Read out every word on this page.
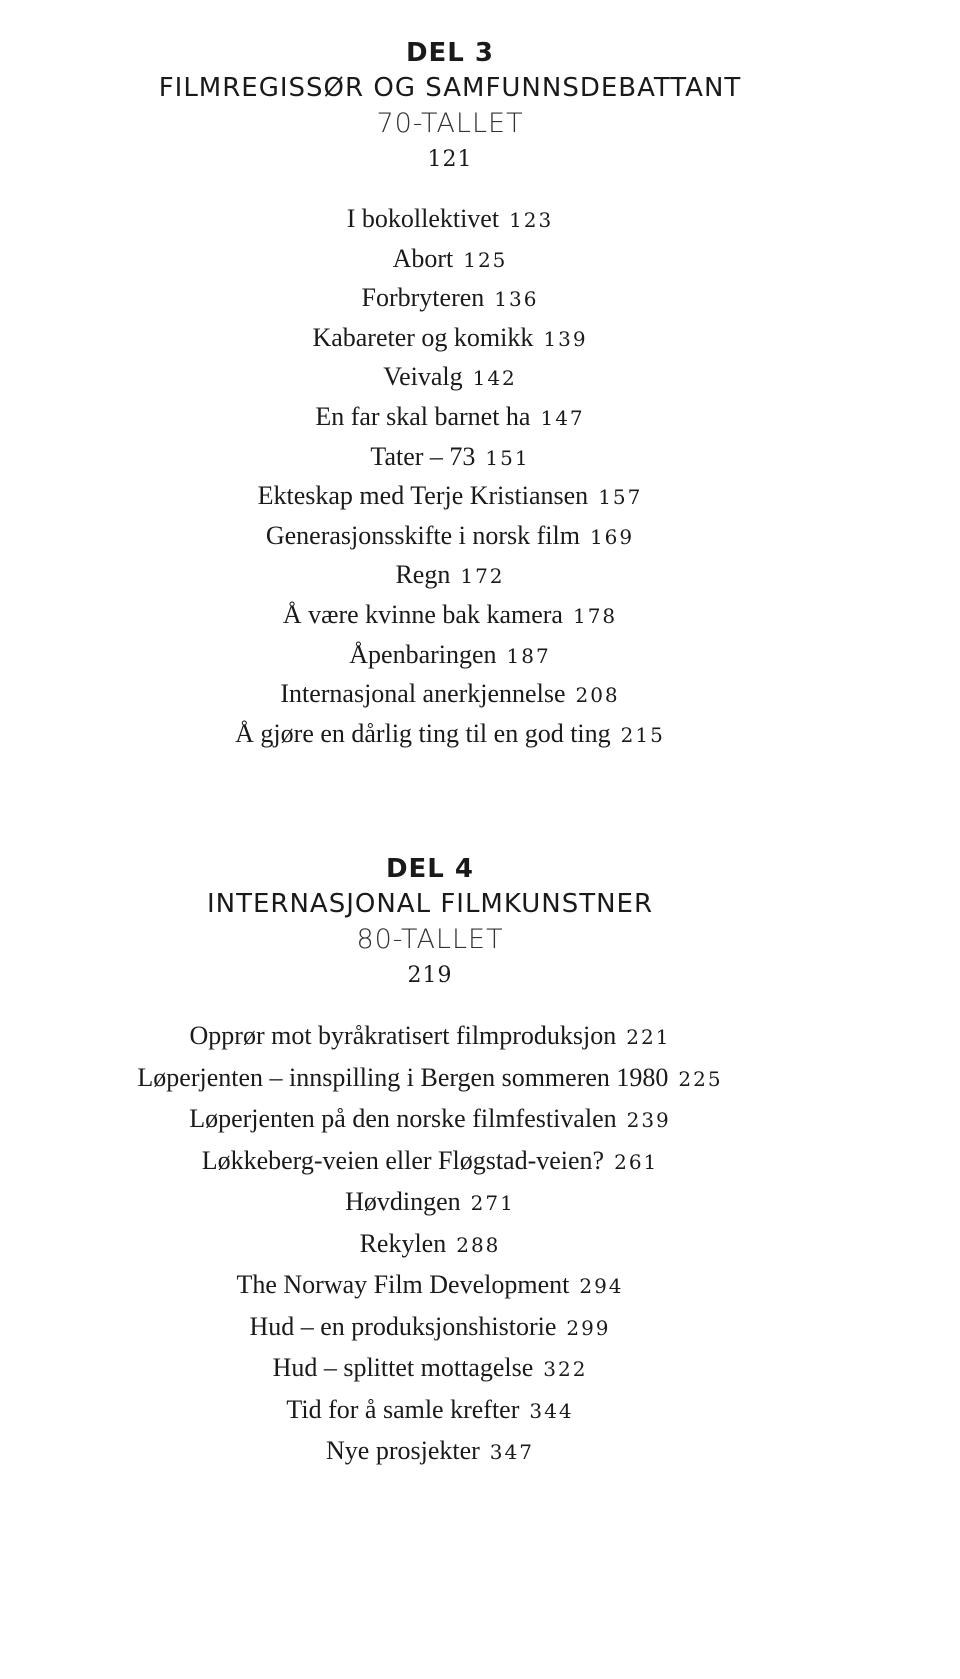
DEL 3
FILMREGISSØR OG SAMFUNNSDEBATTANT
70-TALLET
121
I bokollektivet 123
Abort 125
Forbryteren 136
Kabareter og komikk 139
Veivalg 142
En far skal barnet ha 147
Tater – 73 151
Ekteskap med Terje Kristiansen 157
Generasjonsskifte i norsk film 169
Regn 172
Å være kvinne bak kamera 178
Åpenbaringen 187
Internasjonal anerkjennelse 208
Å gjøre en dårlig ting til en god ting 215
DEL 4
INTERNASJONAL FILMKUNSTNER
80-TALLET
219
Opprør mot byråkratisert filmproduksjon 221
Løperjenten – innspilling i Bergen sommeren 1980 225
Løperjenten på den norske filmfestivalen 239
Løkkeberg-veien eller Fløgstad-veien? 261
Høvdingen 271
Rekylen 288
The Norway Film Development 294
Hud – en produksjonshistorie 299
Hud – splittet mottagelse 322
Tid for å samle krefter 344
Nye prosjekter 347
